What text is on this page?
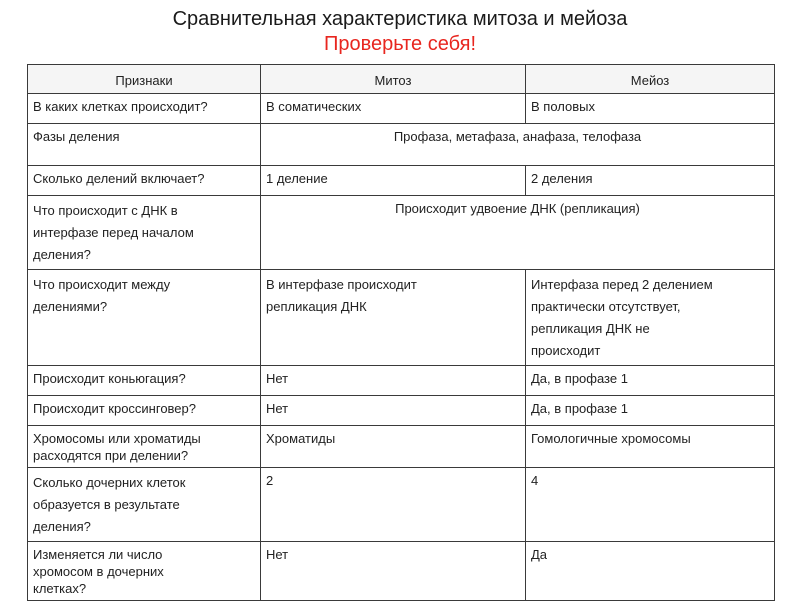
Сравнительная характеристика митоза и мейоза
Проверьте себя!
Признаки	Митоз	Мейоз
В каких клетках происходит?	В соматических	В половых
Фазы деления	Профаза, метафаза, анафаза, телофаза	
Сколько делений включает?	1 деление	2 деления
Что происходит с ДНК в
интерфазе перед началом
деления?	Происходит удвоение ДНК (репликация)	
Что происходит между
делениями?	В интерфазе происходит
репликация ДНК	Интерфаза перед 2 делением
практически отсутствует,
репликация ДНК не
происходит
Происходит коньюгация?	Нет	Да, в профазе 1
Происходит кроссинговер?	Нет	Да, в профазе 1
Хромосомы или хроматиды
расходятся при делении?	Хроматиды	Гомологичные хромосомы
Сколько дочерних клеток
образуется в результате
деления?	2	4
Изменяется ли число
хромосом в дочерних
клетках?	Нет	Да
